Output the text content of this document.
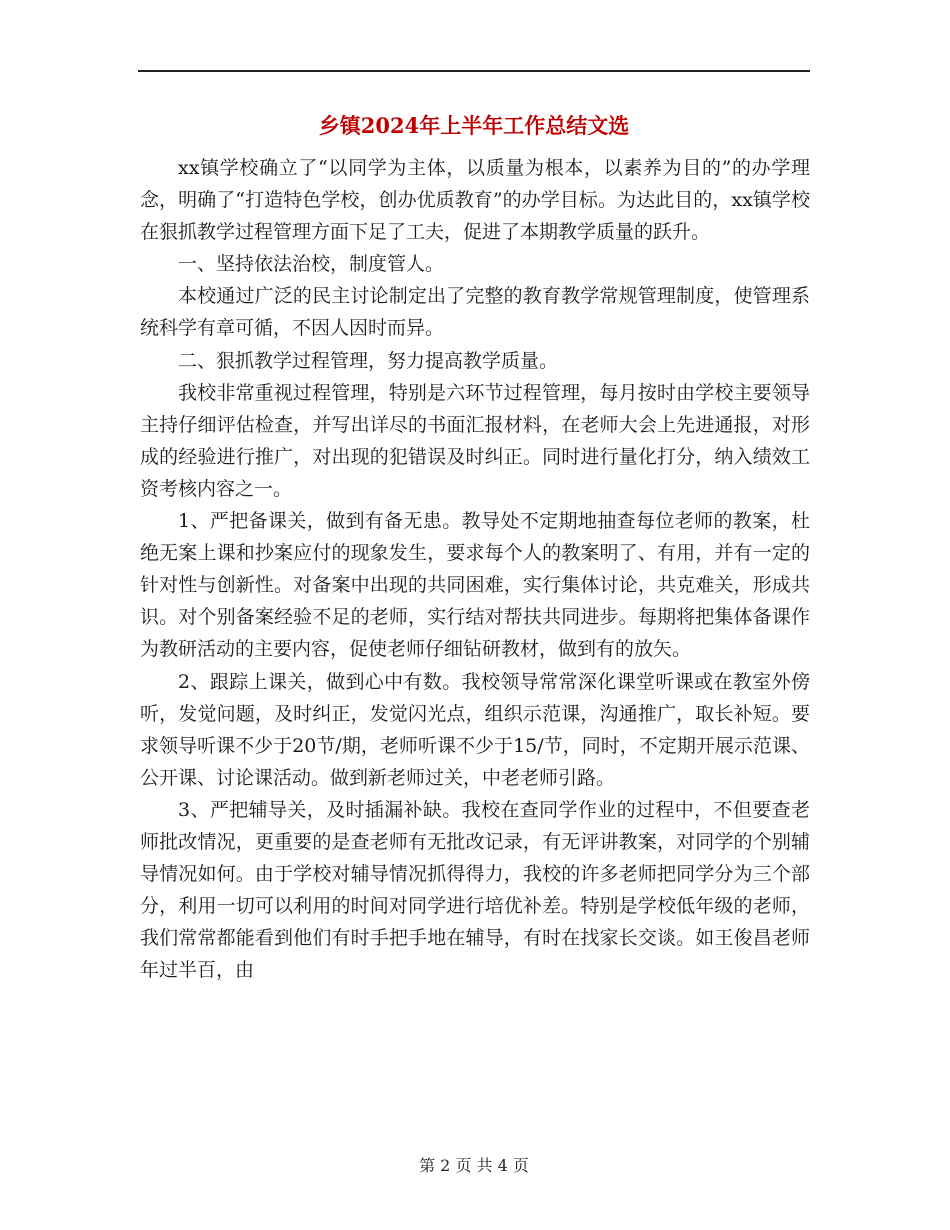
乡镇2024年上半年工作总结文选

xx镇学校确立了“以同学为主体，以质量为根本，以素养为目的”的办学理念，明确了“打造特色学校，创办优质教育”的办学目标。为达此目的，xx镇学校在狠抓教学过程管理方面下足了工夫，促进了本期教学质量的跃升。

一、坚持依法治校，制度管人。

本校通过广泛的民主讨论制定出了完整的教育教学常规管理制度，使管理系统科学有章可循，不因人因时而异。

二、狠抓教学过程管理，努力提高教学质量。

我校非常重视过程管理，特别是六环节过程管理，每月按时由学校主要领导主持仔细评估检查，并写出详尽的书面汇报材料，在老师大会上先进通报，对形成的经验进行推广，对出现的犯错误及时纠正。同时进行量化打分，纳入绩效工资考核内容之一。

1、严把备课关，做到有备无患。教导处不定期地抽查每位老师的教案，杜绝无案上课和抄案应付的现象发生，要求每个人的教案明了、有用，并有一定的针对性与创新性。对备案中出现的共同困难，实行集体讨论，共克难关，形成共识。对个别备案经验不足的老师，实行结对帮扶共同进步。每期将把集体备课作为教研活动的主要内容，促使老师仔细钻研教材，做到有的放矢。

2、跟踪上课关，做到心中有数。我校领导常常深化课堂听课或在教室外傍听，发觉问题，及时纠正，发觉闪光点，组织示范课，沟通推广，取长补短。要求领导听课不少于20节/期，老师听课不少于15/节，同时，不定期开展示范课、公开课、讨论课活动。做到新老师过关，中老老师引路。

3、严把辅导关，及时插漏补缺。我校在查同学作业的过程中，不但要查老师批改情况，更重要的是查老师有无批改记录，有无评讲教案，对同学的个别辅导情况如何。由于学校对辅导情况抓得得力，我校的许多老师把同学分为三个部分，利用一切可以利用的时间对同学进行培优补差。特别是学校低年级的老师，我们常常都能看到他们有时手把手地在辅导，有时在找家长交谈。如王俊昌老师年过半百，由

第 2 页 共 4 页
